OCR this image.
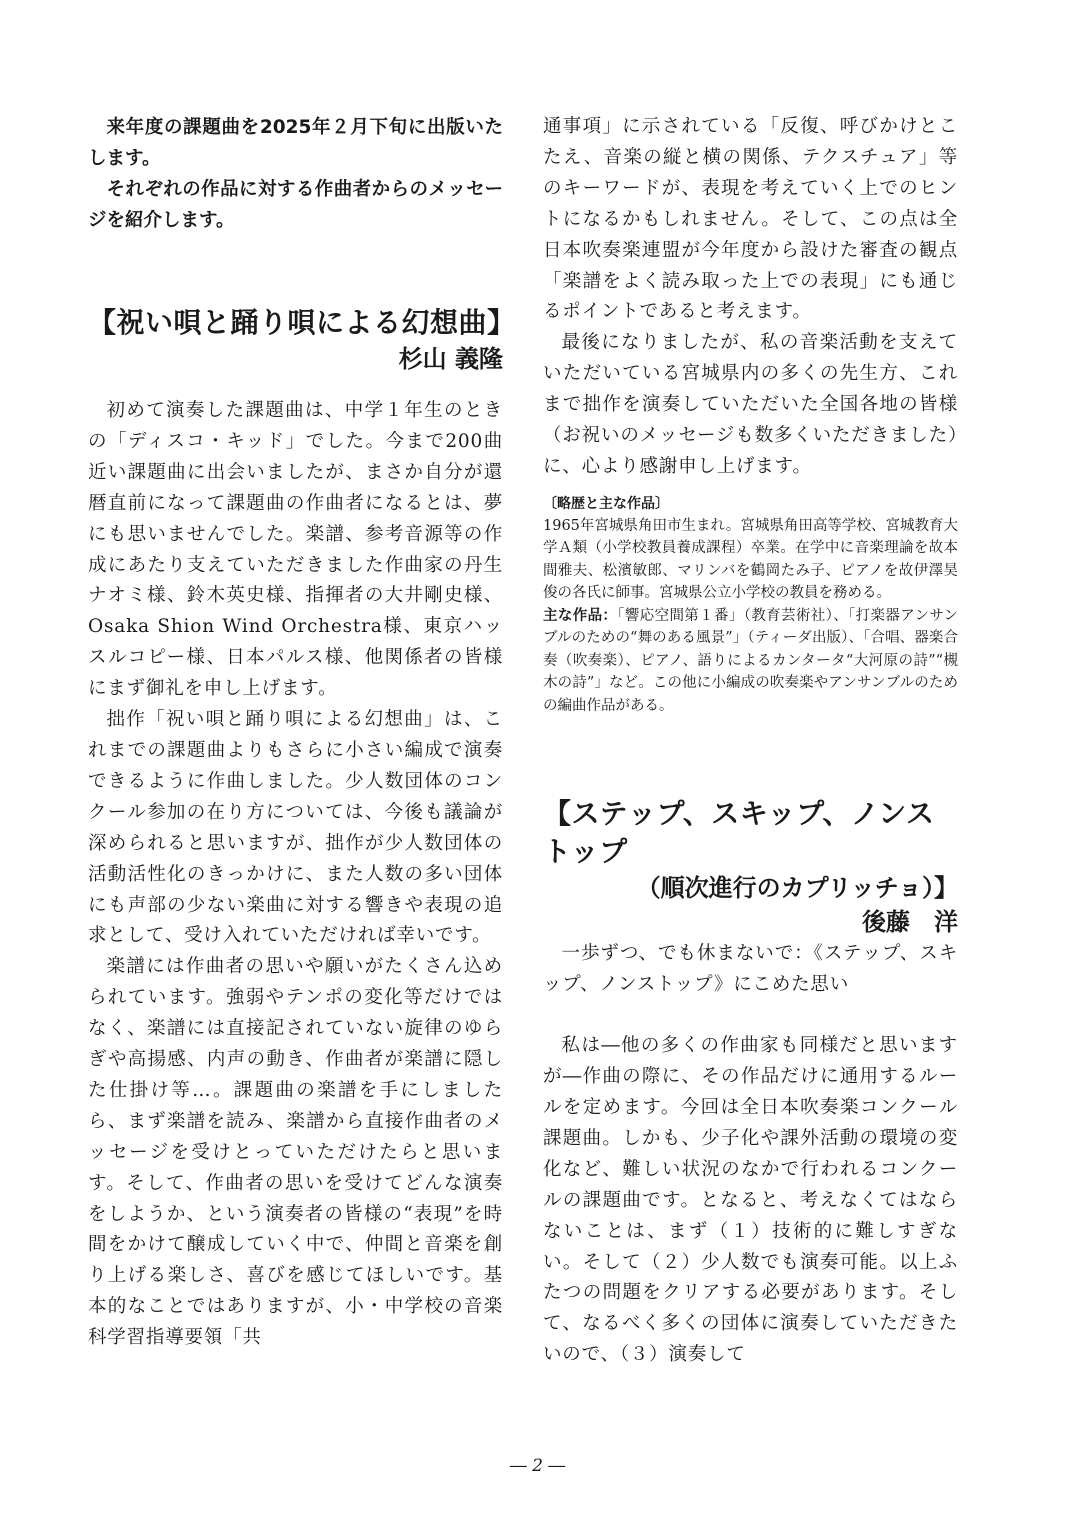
来年度の課題曲を2025年２月下旬に出版いたします。

それぞれの作品に対する作曲者からのメッセージを紹介します。

【祝い唄と踊り唄による幻想曲】
杉山 義隆

初めて演奏した課題曲は、中学１年生のときの「ディスコ・キッド」でした。今まで200曲近い課題曲に出会いましたが、まさか自分が還暦直前になって課題曲の作曲者になるとは、夢にも思いませんでした。楽譜、参考音源等の作成にあたり支えていただきました作曲家の丹生ナオミ様、鈴木英史様、指揮者の大井剛史様、Osaka Shion Wind Orchestra様、東京ハッスルコピー様、日本パルス様、他関係者の皆様にまず御礼を申し上げます。

拙作「祝い唄と踊り唄による幻想曲」は、これまでの課題曲よりもさらに小さい編成で演奏できるように作曲しました。少人数団体のコンクール参加の在り方については、今後も議論が深められると思いますが、拙作が少人数団体の活動活性化のきっかけに、また人数の多い団体にも声部の少ない楽曲に対する響きや表現の追求として、受け入れていただければ幸いです。

楽譜には作曲者の思いや願いがたくさん込められています。強弱やテンポの変化等だけではなく、楽譜には直接記されていない旋律のゆらぎや高揚感、内声の動き、作曲者が楽譜に隠した仕掛け等…。課題曲の楽譜を手にしましたら、まず楽譜を読み、楽譜から直接作曲者のメッセージを受けとっていただけたらと思います。そして、作曲者の思いを受けてどんな演奏をしようか、という演奏者の皆様の“表現”を時間をかけて醸成していく中で、仲間と音楽を創り上げる楽しさ、喜びを感じてほしいです。基本的なことではありますが、小・中学校の音楽科学習指導要領「共

通事項」に示されている「反復、呼びかけとこたえ、音楽の縦と横の関係、テクスチュア」等のキーワードが、表現を考えていく上でのヒントになるかもしれません。そして、この点は全日本吹奏楽連盟が今年度から設けた審査の観点「楽譜をよく読み取った上での表現」にも通じるポイントであると考えます。

最後になりましたが、私の音楽活動を支えていただいている宮城県内の多くの先生方、これまで拙作を演奏していただいた全国各地の皆様（お祝いのメッセージも数多くいただきました）に、心より感謝申し上げます。

〔略歴と主な作品〕

1965年宮城県角田市生まれ。宮城県角田高等学校、宮城教育大学Ａ類（小学校教員養成課程）卒業。在学中に音楽理論を故本間雅夫、松濱敏郎、マリンバを鶴岡たみ子、ピアノを故伊澤昊俊の各氏に師事。宮城県公立小学校の教員を務める。

主な作品：「響応空間第１番」（教育芸術社）、「打楽器アンサンブルのための“舞のある風景”」（ティーダ出版）、「合唱、器楽合奏（吹奏楽）、ピアノ、語りによるカンタータ“大河原の詩”“槻木の詩”」など。この他に小編成の吹奏楽やアンサンブルのための編曲作品がある。

【ステップ、スキップ、ノンストップ
（順次進行のカプリッチョ）】
後藤　洋

一歩ずつ、でも休まないで：《ステップ、スキップ、ノンストップ》にこめた思い

私は―他の多くの作曲家も同様だと思いますが―作曲の際に、その作品だけに通用するルールを定めます。今回は全日本吹奏楽コンクール課題曲。しかも、少子化や課外活動の環境の変化など、難しい状況のなかで行われるコンクールの課題曲です。となると、考えなくてはならないことは、まず（１）技術的に難しすぎない。そして（２）少人数でも演奏可能。以上ふたつの問題をクリアする必要があります。そして、なるべく多くの団体に演奏していただきたいので、（３）演奏して

― 2 ―
